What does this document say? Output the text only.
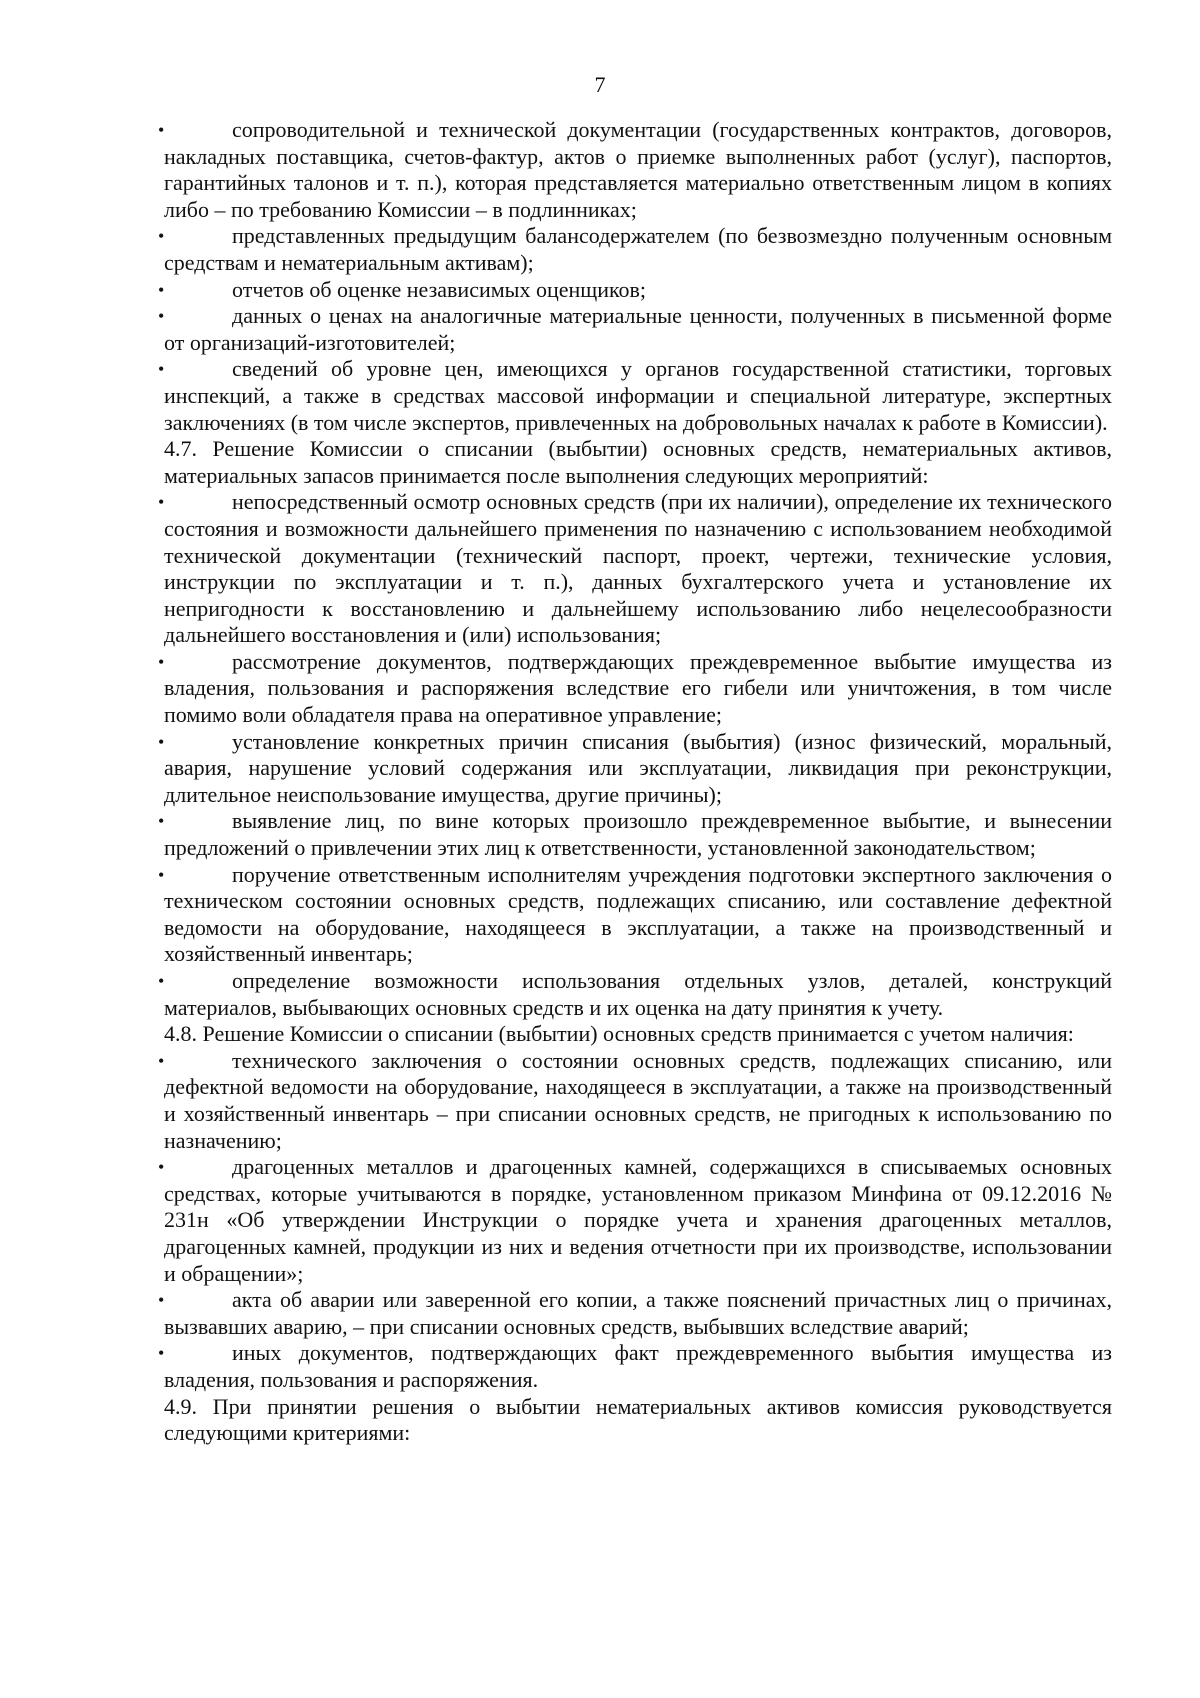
7

• сопроводительной и технической документации (государственных контрактов, договоров, накладных поставщика, счетов-фактур, актов о приемке выполненных работ (услуг), паспортов, гарантийных талонов и т. п.), которая представляется материально ответственным лицом в копиях либо – по требованию Комиссии – в подлинниках;

• представленных предыдущим балансодержателем (по безвозмездно полученным основным средствам и нематериальным активам);

• отчетов об оценке независимых оценщиков;

• данных о ценах на аналогичные материальные ценности, полученных в письменной форме от организаций-изготовителей;

• сведений об уровне цен, имеющихся у органов государственной статистики, торговых инспекций, а также в средствах массовой информации и специальной литературе, экспертных заключениях (в том числе экспертов, привлеченных на добровольных началах к работе в Комиссии).

4.7. Решение Комиссии о списании (выбытии) основных средств, нематериальных активов, материальных запасов принимается после выполнения следующих мероприятий:

• непосредственный осмотр основных средств (при их наличии), определение их технического состояния и возможности дальнейшего применения по назначению с использованием необходимой технической документации (технический паспорт, проект, чертежи, технические условия, инструкции по эксплуатации и т. п.), данных бухгалтерского учета и установление их непригодности к восстановлению и дальнейшему использованию либо нецелесообразности дальнейшего восстановления и (или) использования;

• рассмотрение документов, подтверждающих преждевременное выбытие имущества из владения, пользования и распоряжения вследствие его гибели или уничтожения, в том числе помимо воли обладателя права на оперативное управление;

• установление конкретных причин списания (выбытия) (износ физический, моральный, авария, нарушение условий содержания или эксплуатации, ликвидация при реконструкции, длительное неиспользование имущества, другие причины);

• выявление лиц, по вине которых произошло преждевременное выбытие, и вынесении предложений о привлечении этих лиц к ответственности, установленной законодательством;

• поручение ответственным исполнителям учреждения подготовки экспертного заключения о техническом состоянии основных средств, подлежащих списанию, или составление дефектной ведомости на оборудование, находящееся в эксплуатации, а также на производственный и хозяйственный инвентарь;

• определение возможности использования отдельных узлов, деталей, конструкций материалов, выбывающих основных средств и их оценка на дату принятия к учету.

4.8. Решение Комиссии о списании (выбытии) основных средств принимается с учетом наличия:

• технического заключения о состоянии основных средств, подлежащих списанию, или дефектной ведомости на оборудование, находящееся в эксплуатации, а также на производственный и хозяйственный инвентарь – при списании основных средств, не пригодных к использованию по назначению;

• драгоценных металлов и драгоценных камней, содержащихся в списываемых основных средствах, которые учитываются в порядке, установленном приказом Минфина от 09.12.2016 № 231н «Об утверждении Инструкции о порядке учета и хранения драгоценных металлов, драгоценных камней, продукции из них и ведения отчетности при их производстве, использовании и обращении»;

• акта об аварии или заверенной его копии, а также пояснений причастных лиц о причинах, вызвавших аварию, – при списании основных средств, выбывших вследствие аварий;

• иных документов, подтверждающих факт преждевременного выбытия имущества из владения, пользования и распоряжения.

4.9. При принятии решения о выбытии нематериальных активов комиссия руководствуется следующими критериями:
